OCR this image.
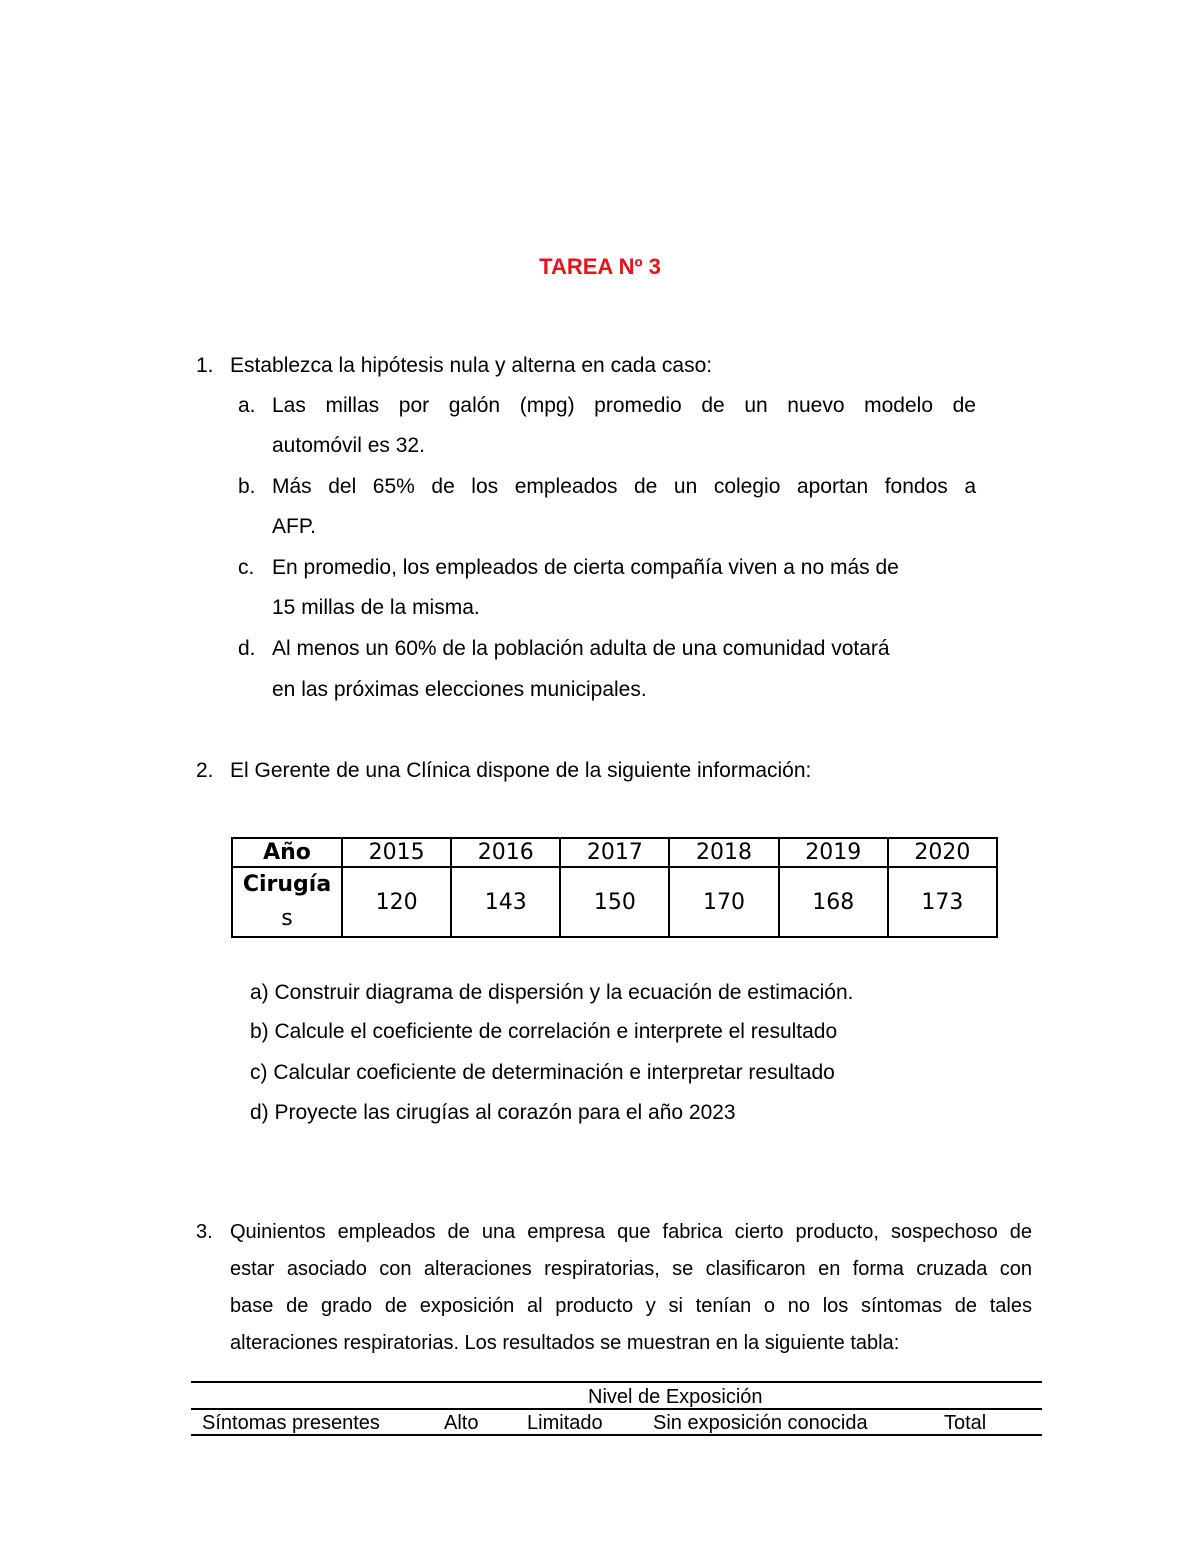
TAREA Nº 3
1. Establezca la hipótesis nula y alterna en cada caso:
a. Las millas por galón (mpg) promedio de un nuevo modelo de
automóvil es 32.
b. Más del 65% de los empleados de un colegio aportan fondos a
AFP.
c. En promedio, los empleados de cierta compañía viven a no más de
15 millas de la misma.
d. Al menos un 60% de la población adulta de una comunidad votará
en las próximas elecciones municipales.
2. El Gerente de una Clínica dispone de la siguiente información:
Año	2015	2016	2017	2018	2019	2020

Cirugía
s	120	143	150	170	168	173
a) Construir diagrama de dispersión y la ecuación de estimación.
b) Calcule el coeficiente de correlación e interprete el resultado
c) Calcular coeficiente de determinación e interpretar resultado
d) Proyecte las cirugías al corazón para el año 2023
3. Quinientos empleados de una empresa que fabrica cierto producto, sospechoso de
estar asociado con alteraciones respiratorias, se clasificaron en forma cruzada con
base de grado de exposición al producto y si tenían o no los síntomas de tales
alteraciones respiratorias. Los resultados se muestran en la siguiente tabla:
Nivel de Exposición
Síntomas presentes	Alto Limitado	Sin exposición conocida	Total
